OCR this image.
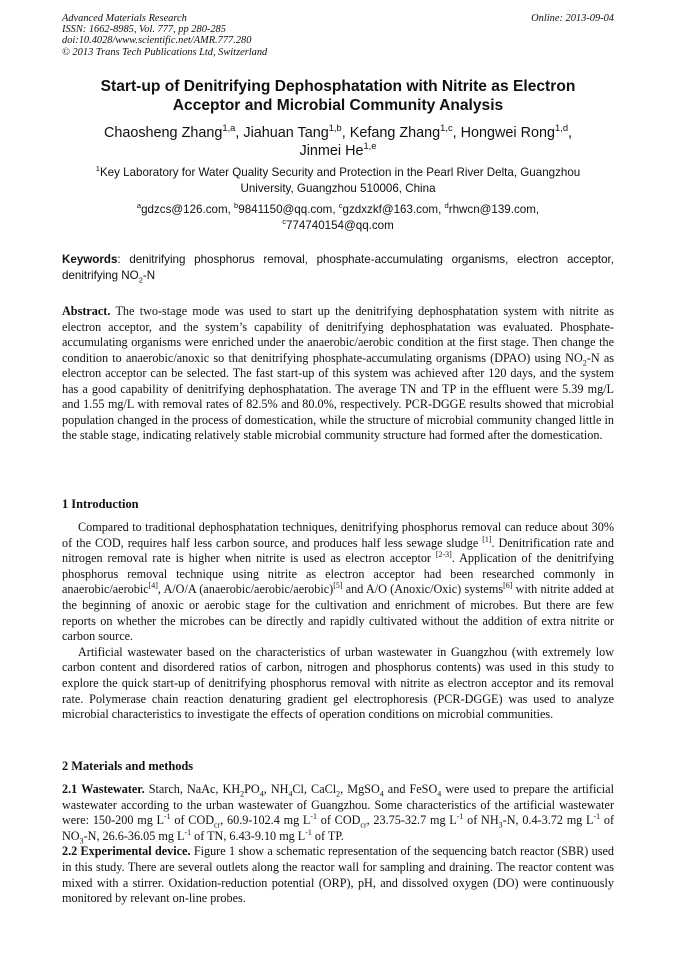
Advanced Materials Research
ISSN: 1662-8985, Vol. 777, pp 280-285
doi:10.4028/www.scientific.net/AMR.777.280
© 2013 Trans Tech Publications Ltd, Switzerland
Online: 2013-09-04
Start-up of Denitrifying Dephosphatation with Nitrite as Electron
Acceptor and Microbial Community Analysis
Chaosheng Zhang$^{1,a}$, Jiahuan Tang$^{1,b}$, Kefang Zhang$^{1,c}$, Hongwei Rong$^{1,d}$,
Jinmei He$^{1,e}$
$^1$Key Laboratory for Water Quality Security and Protection in the Pearl River Delta, Guangzhou
University, Guangzhou 510006, China
$^a$gdzcs@126.com, $^b$9841150@qq.com, $^c$gzdxzkf@163.com, $^d$rhwcn@139.com,
$^c$774740154@qq.com
Keywords: denitrifying phosphorus removal, phosphate-accumulating organisms, electron acceptor, denitrifying $NO_2-N$
Abstract. The two-stage mode was used to start up the denitrifying dephosphatation system with nitrite as electron acceptor, and the system’s capability of denitrifying dephosphatation was evaluated. Phosphate-accumulating organisms were enriched under the anaerobic/aerobic condition at the first stage. Then change the condition to anaerobic/anoxic so that denitrifying phosphate-accumulating organisms (DPAO) using $NO_2-N$ as electron acceptor can be selected. The fast start-up of this system was achieved after 120 days, and the system has a good capability of denitrifying dephosphatation. The average TN and TP in the effluent were 5.39 mg/L and 1.55 mg/L with removal rates of 82.5% and 80.0%, respectively. PCR-DGGE results showed that microbial population changed in the process of domestication, while the structure of microbial community changed little in the stable stage, indicating relatively stable microbial community structure had formed after the domestication.
1 Introduction

Compared to traditional dephosphatation techniques, denitrifying phosphorus removal can reduce about 30% of the COD, requires half less carbon source, and produces half less sewage sludge [1]. Denitrification rate and nitrogen removal rate is higher when nitrite is used as electron acceptor [2-3]. Application of the denitrifying phosphorus removal technique using nitrite as electron acceptor had been researched commonly in anaerobic/aerobic[4], A/O/A (anaerobic/aerobic/aerobic)[5] and A/O (Anoxic/Oxic) systems[6] with nitrite added at the beginning of anoxic or aerobic stage for the cultivation and enrichment of microbes. But there are few reports on whether the microbes can be directly and rapidly cultivated without the addition of extra nitrite or carbon source.

Artificial wastewater based on the characteristics of urban wastewater in Guangzhou (with extremely low carbon content and disordered ratios of carbon, nitrogen and phosphorus contents) was used in this study to explore the quick start-up of denitrifying phosphorus removal with nitrite as electron acceptor and its removal rate. Polymerase chain reaction denaturing gradient gel electrophoresis (PCR-DGGE) was used to analyze microbial characteristics to investigate the effects of operation conditions on microbial communities.

2 Materials and methods

2.1 Wastewater. Starch, NaAc, $KH_2PO_4$, $NH_4Cl$, CaCl$_2$, MgSO$_4$ and FeSO$_4$ were used to prepare the artificial wastewater according to the urban wastewater of Guangzhou. Some characteristics of the artificial wastewater were: 150-200 mg $L^{-1}$ of $COD_{cr}$, 60.9-102.4 mg $L^{-1}$ of $COD_{cr}$, 23.75-32.7 mg $L^{-1}$ of $NH_3-N$, 0.4-3.72 mg $L^{-1}$ of $NO_3-N$, 26.6-36.05 mg $L^{-1}$ of TN, 6.43-9.10 mg $L^{-1}$ of TP.

2.2 Experimental device. Figure 1 show a schematic representation of the sequencing batch reactor (SBR) used in this study. There are several outlets along the reactor wall for sampling and draining. The reactor content was mixed with a stirrer. Oxidation-reduction potential (ORP), pH, and dissolved oxygen (DO) were continuously monitored by relevant on-line probes.
